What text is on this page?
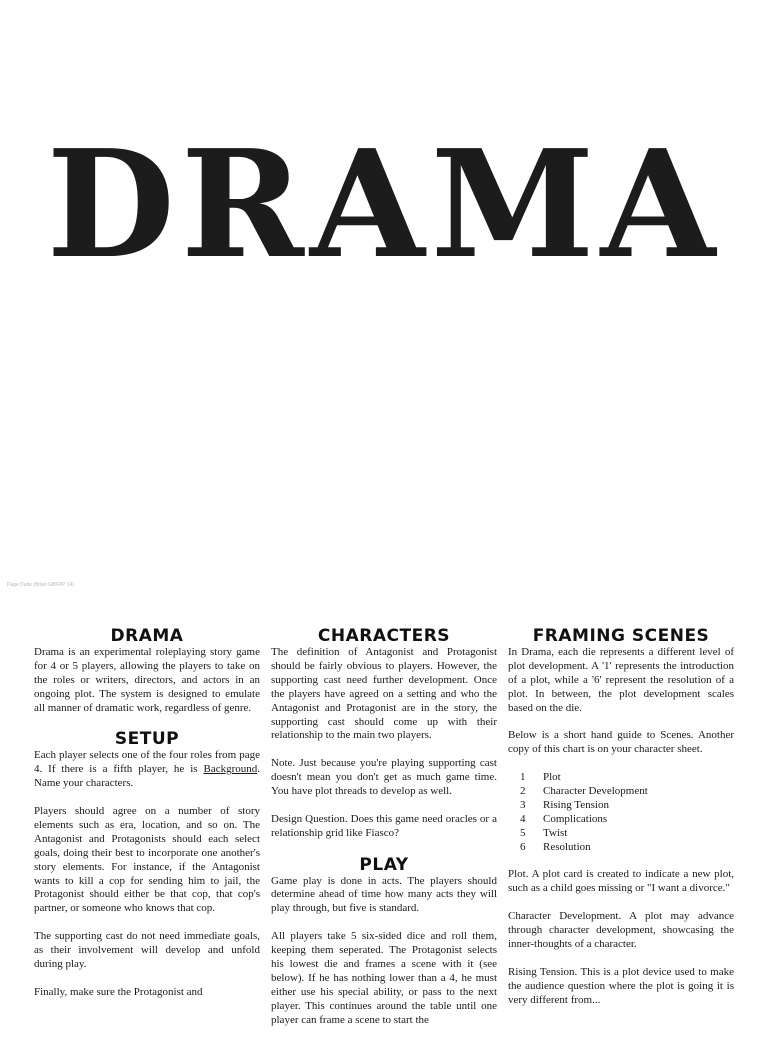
DRAMA
Page Dude (Brian GBKPP 14)
DRAMA

Drama is an experimental roleplaying story game for 4 or 5 players, allowing the players to take on the roles or writers, directors, and actors in an ongoing plot. The system is designed to emulate all manner of dramatic work, regardless of genre.

SETUP

Each player selects one of the four roles from page 4. If there is a fifth player, he is Background. Name your characters.

Players should agree on a number of story elements such as era, location, and so on. The Antagonist and Protagonists should each select goals, doing their best to incorporate one another's story elements. For instance, if the Antagonist wants to kill a cop for sending him to jail, the Protagonist should either be that cop, that cop's partner, or someone who knows that cop.

The supporting cast do not need immediate goals, as their involvement will develop and unfold during play.

Finally, make sure the Protagonist and

CHARACTERS

The definition of Antagonist and Protagonist should be fairly obvious to players. However, the supporting cast need further development. Once the players have agreed on a setting and who the Antagonist and Protagonist are in the story, the supporting cast should come up with their relationship to the main two players.

Note. Just because you're playing supporting cast doesn't mean you don't get as much game time. You have plot threads to develop as well.

Design Question. Does this game need oracles or a relationship grid like Fiasco?

PLAY

Game play is done in acts. The players should determine ahead of time how many acts they will play through, but five is standard.

All players take 5 six-sided dice and roll them, keeping them seperated. The Protagonist selects his lowest die and frames a scene with it (see below). If he has nothing lower than a 4, he must either use his special ability, or pass to the next player. This continues around the table until one player can frame a scene to start the

FRAMING SCENES

In Drama, each die represents a different level of plot development. A '1' represents the introduction of a plot, while a '6' represent the resolution of a plot. In between, the plot development scales based on the die.

Below is a short hand guide to Scenes. Another copy of this chart is on your character sheet.

1	Plot
2	Character Development
3	Rising Tension
4	Complications
5	Twist
6	Resolution

Plot. A plot card is created to indicate a new plot, such as a child goes missing or "I want a divorce."

Character Development. A plot may advance through character development, showcasing the inner-thoughts of a character.

Rising Tension. This is a plot device used to make the audience question where the plot is going it is very different from...
